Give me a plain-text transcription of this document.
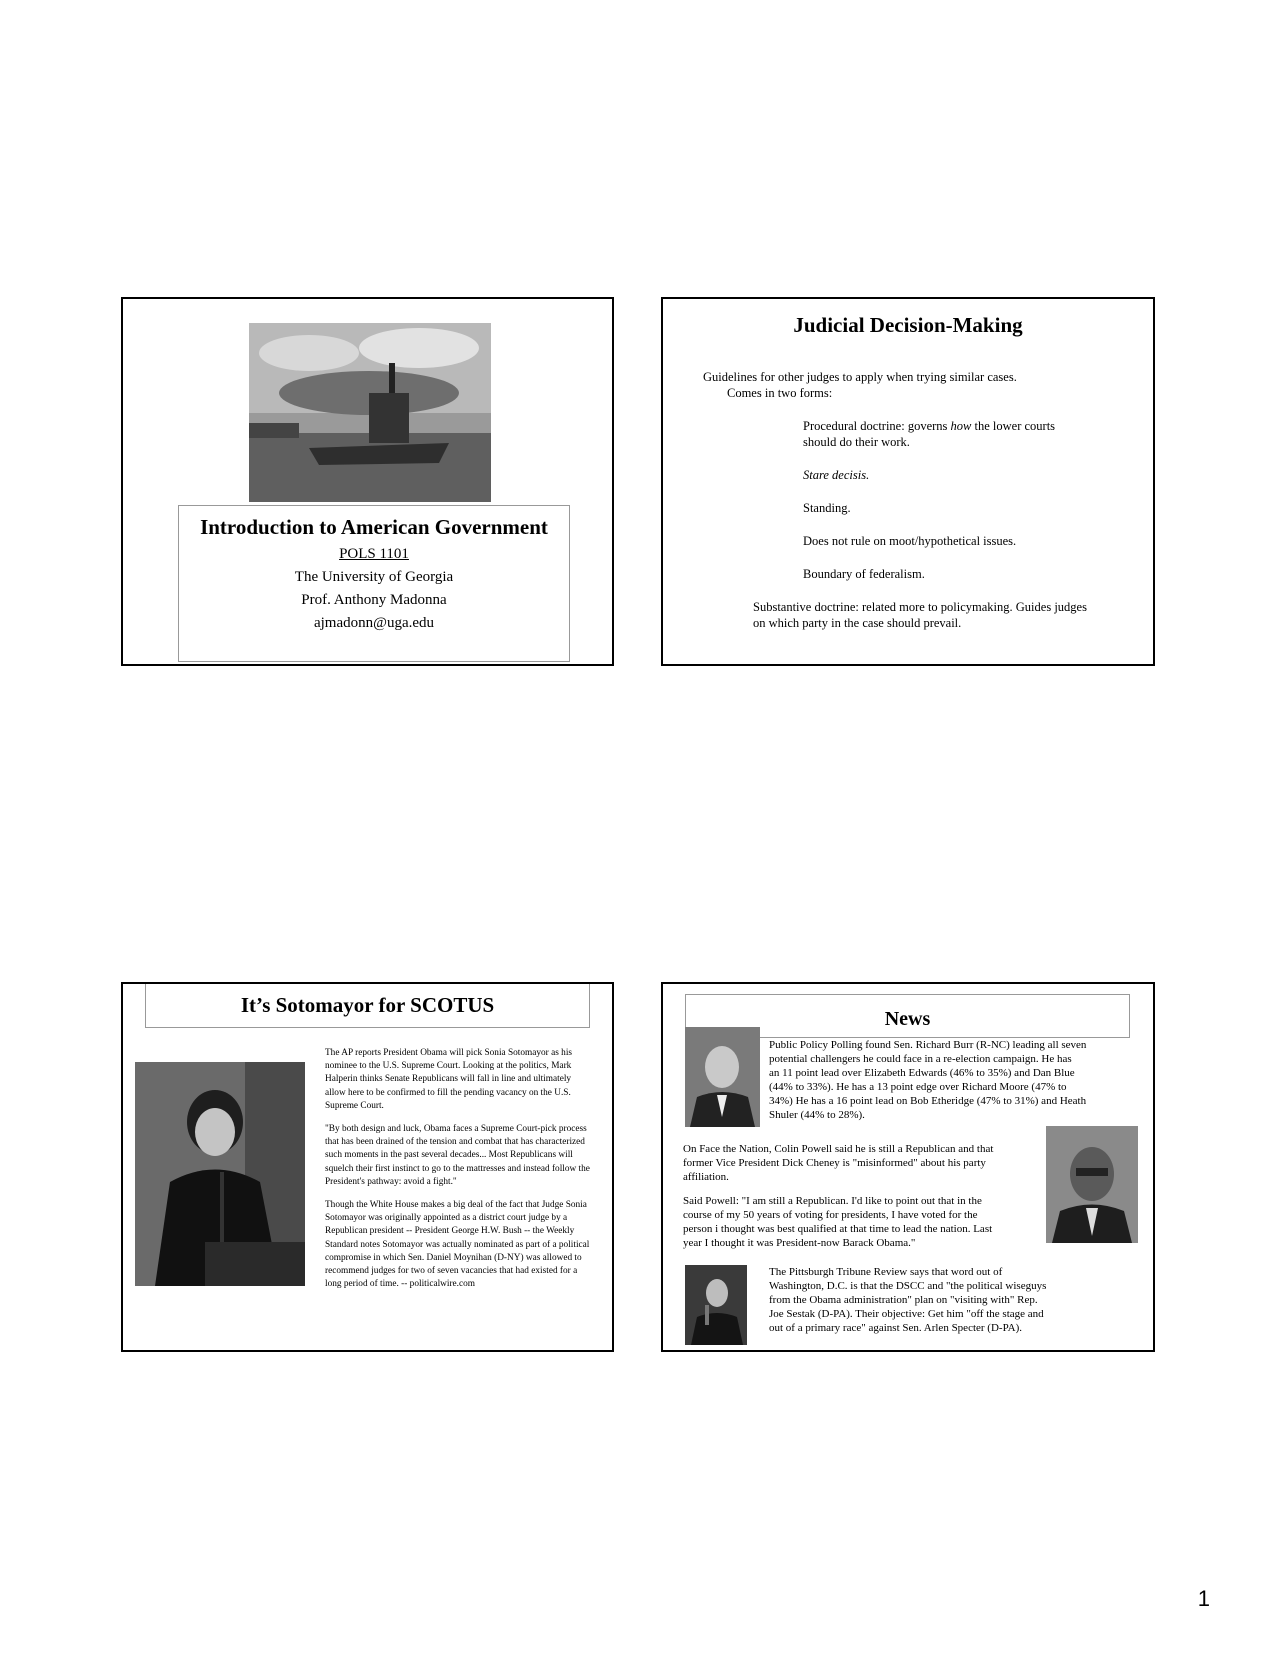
Introduction to American Government
POLS 1101
The University of Georgia
Prof. Anthony Madonna
ajmadonn@uga.edu
Judicial Decision-Making
Guidelines for other judges to apply when trying similar cases.
Comes in two forms:
Procedural doctrine: governs how the lower courts
should do their work.
Stare decisis.
Standing.
Does not rule on moot/hypothetical issues.
Boundary of federalism.
Substantive doctrine: related more to policymaking. Guides judges
on which party in the case should prevail.
It’s Sotomayor for SCOTUS

The AP reports President Obama will pick Sonia Sotomayor as his nominee to the U.S. Supreme Court. Looking at the politics, Mark Halperin thinks Senate Republicans will fall in line and ultimately allow here to be confirmed to fill the pending vacancy on the U.S. Supreme Court.

"By both design and luck, Obama faces a Supreme Court-pick process that has been drained of the tension and combat that has characterized such moments in the past several decades... Most Republicans will squelch their first instinct to go to the mattresses and instead follow the President's pathway: avoid a fight."

Though the White House makes a big deal of the fact that Judge Sonia Sotomayor was originally appointed as a district court judge by a Republican president -- President George H.W. Bush -- the Weekly Standard notes Sotomayor was actually nominated as part of a political compromise in which Sen. Daniel Moynihan (D-NY) was allowed to recommend judges for two of seven vacancies that had existed for a long period of time. -- politicalwire.com

News
Public Policy Polling found Sen. Richard Burr (R-NC) leading all seven
potential challengers he could face in a re-election campaign. He has
an 11 point lead over Elizabeth Edwards (46% to 35%) and Dan Blue
(44% to 33%). He has a 13 point edge over Richard Moore (47% to
34%) He has a 16 point lead on Bob Etheridge (47% to 31%) and Heath
Shuler (44% to 28%).
On Face the Nation, Colin Powell said he is still a Republican and that
former Vice President Dick Cheney is "misinformed" about his party
affiliation.
Said Powell: "I am still a Republican. I'd like to point out that in the
course of my 50 years of voting for presidents, I have voted for the
person i thought was best qualified at that time to lead the nation. Last
year I thought it was President-now Barack Obama."
The Pittsburgh Tribune Review says that word out of
Washington, D.C. is that the DSCC and "the political wiseguys
from the Obama administration" plan on "visiting with" Rep.
Joe Sestak (D-PA). Their objective: Get him "off the stage and
out of a primary race" against Sen. Arlen Specter (D-PA).
1
